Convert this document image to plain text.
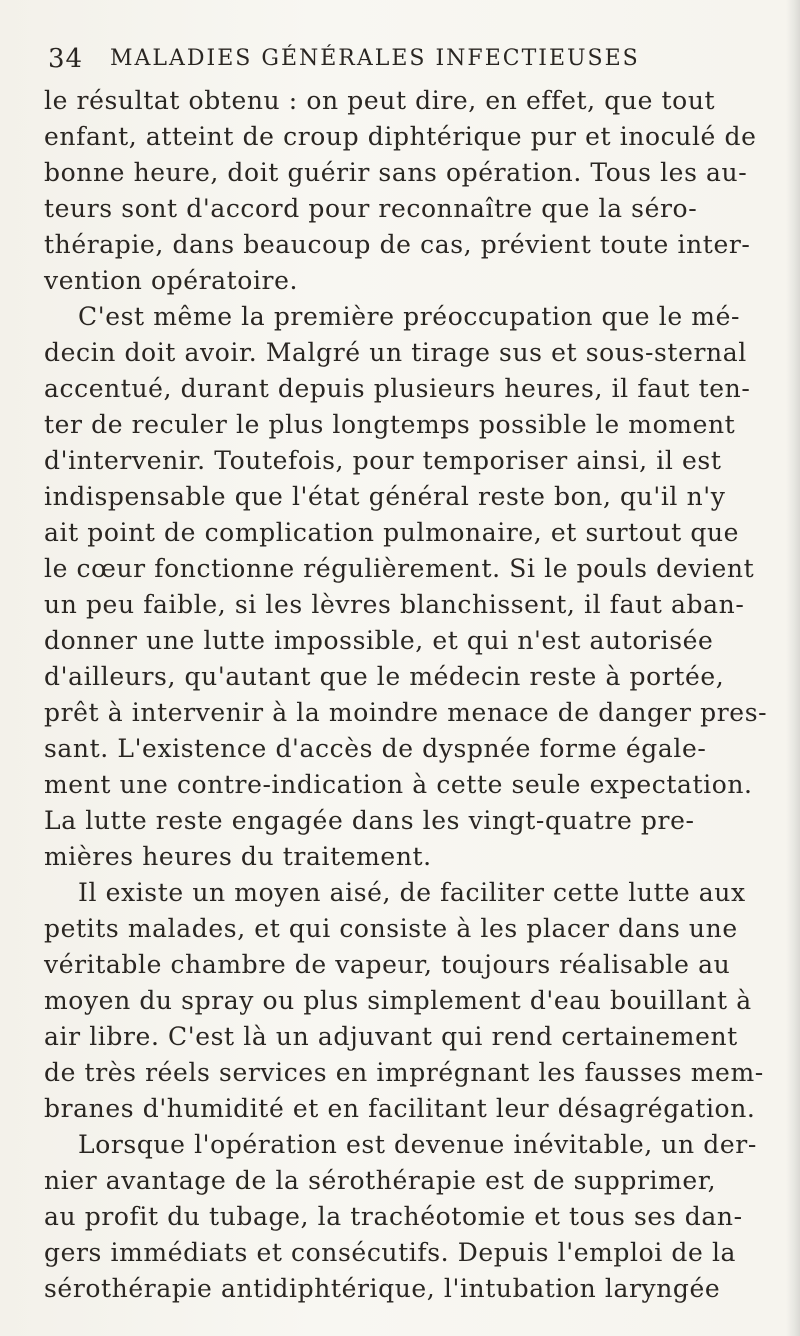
34 MALADIES GÉNÉRALES INFECTIEUSES
le résultat obtenu : on peut dire, en effet, que tout
enfant, atteint de croup diphtérique pur et inoculé de
bonne heure, doit guérir sans opération. Tous les au-
teurs sont d'accord pour reconnaître que la séro-
thérapie, dans beaucoup de cas, prévient toute inter-
vention opératoire.
C'est même la première préoccupation que le mé-
decin doit avoir. Malgré un tirage sus et sous-sternal
accentué, durant depuis plusieurs heures, il faut ten-
ter de reculer le plus longtemps possible le moment
d'intervenir. Toutefois, pour temporiser ainsi, il est
indispensable que l'état général reste bon, qu'il n'y
ait point de complication pulmonaire, et surtout que
le cœur fonctionne régulièrement. Si le pouls devient
un peu faible, si les lèvres blanchissent, il faut aban-
donner une lutte impossible, et qui n'est autorisée
d'ailleurs, qu'autant que le médecin reste à portée,
prêt à intervenir à la moindre menace de danger pres-
sant. L'existence d'accès de dyspnée forme égale-
ment une contre-indication à cette seule expectation.
La lutte reste engagée dans les vingt-quatre pre-
mières heures du traitement.
Il existe un moyen aisé, de faciliter cette lutte aux
petits malades, et qui consiste à les placer dans une
véritable chambre de vapeur, toujours réalisable au
moyen du spray ou plus simplement d'eau bouillant à
air libre. C'est là un adjuvant qui rend certainement
de très réels services en imprégnant les fausses mem-
branes d'humidité et en facilitant leur désagrégation.
Lorsque l'opération est devenue inévitable, un der-
nier avantage de la sérothérapie est de supprimer,
au profit du tubage, la trachéotomie et tous ses dan-
gers immédiats et consécutifs. Depuis l'emploi de la
sérothérapie antidiphtérique, l'intubation laryngée
